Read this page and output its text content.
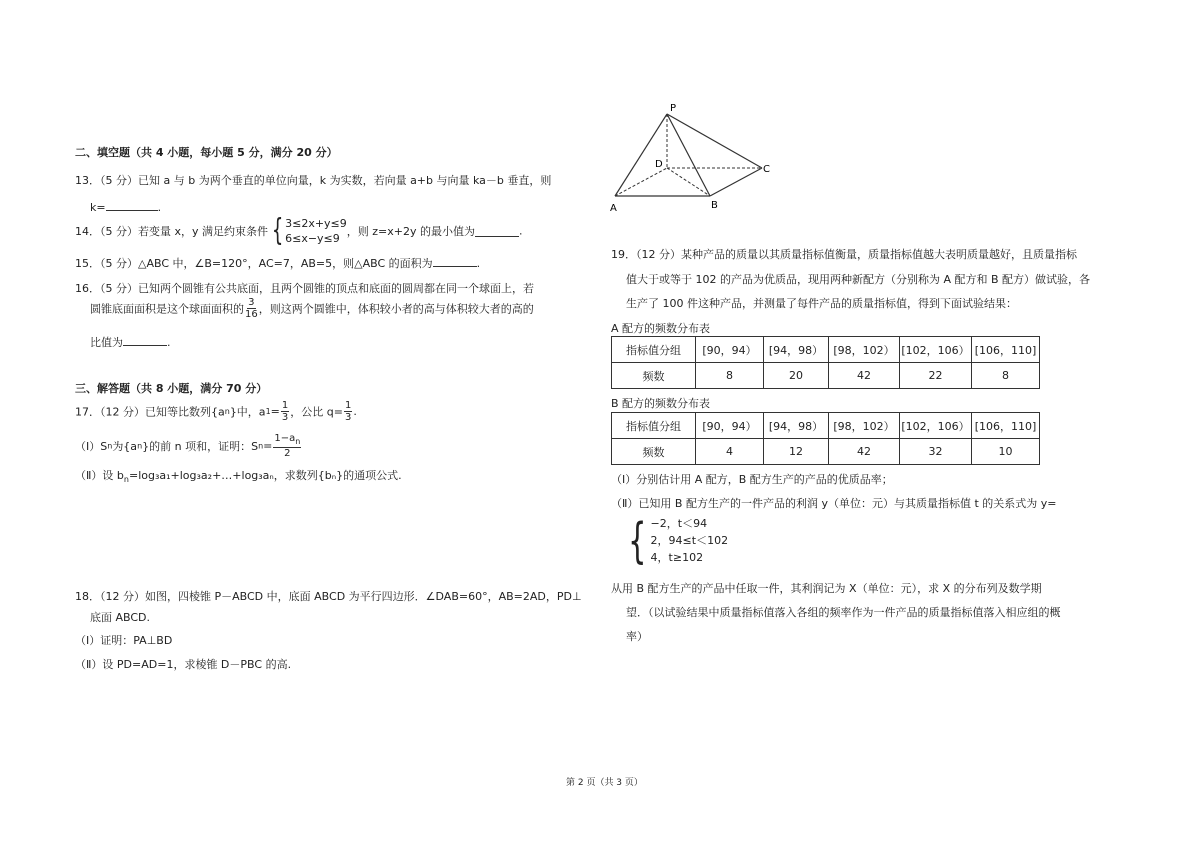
二、填空题（共 4 小题，每小题 5 分，满分 20 分）
13．（5 分）已知 a 与 b 为两个垂直的单位向量，k 为实数，若向量 a+b 与向量 ka－b 垂直，则
k=	.
14．（5 分）若变量 x，y 满足约束条件 { 3≤2x+y≤9
6≤x−y≤9
，则 z=x+2y 的最小值为	.
15．（5 分）△ABC 中，∠B=120°，AC=7，AB=5，则△ABC 的面积为	.
16．（5 分）已知两个圆锥有公共底面，且两个圆锥的顶点和底面的圆周都在同一个球面上，若
圆锥底面面积是这个球面面积的 $\frac{3}{16}$ ，则这两个圆锥中，体积较小者的高与体积较大者的高的
比值为	.
三、解答题（共 8 小题，满分 70 分）
17．（12 分）已知等比数列{an}中，$a1= \frac{1}{3}$ ，公比 $q= \frac{1}{3}$ .
（Ⅰ）Sn为{an}的前 n 项和，证明：$Sn= \frac{1-a_n}{2}$
（Ⅱ）设 $b_n=\log_3a_1+\log_3a_2+\dots+\log_3a_n$，求数列{bₙ}的通项公式.
18．（12 分）如图，四棱锥 P－ABCD 中，底面 ABCD 为平行四边形．∠DAB=60°，AB=2AD，PD⊥
底面 ABCD.
（Ⅰ）证明：PA⊥BD
（Ⅱ）设 PD=AD=1，求棱锥 D－PBC 的高.
P
D	C
A	B
19．（12 分）某种产品的质量以其质量指标值衡量，质量指标值越大表明质量越好，且质量指标
值大于或等于 102 的产品为优质品，现用两种新配方（分别称为 A 配方和 B 配方）做试验，各
生产了 100 件这种产品，并测量了每件产品的质量指标值，得到下面试验结果：
A 配方的频数分布表
指标值分组	[90，94）	[94，98）	[98，102）	[102，106）	[106，110]
频数	8	20	42	22	8
B 配方的频数分布表
指标值分组	[90，94）	[94，98）	[98，102）	[102，106）	[106，110]
频数	4	12	42	32	10
（Ⅰ）分别估计用 A 配方，B 配方生产的产品的优质品率；
（Ⅱ）已知用 B 配方生产的一件产品的利润 y（单位：元）与其质量指标值 t 的关系式为 y=
{ −2，t＜94
2，94≤t＜102
4，t≥102
从用 B 配方生产的产品中任取一件，其利润记为 X（单位：元），求 X 的分布列及数学期
望．（以试验结果中质量指标值落入各组的频率作为一件产品的质量指标值落入相应组的概
率）
第 2 页（共 3 页）
